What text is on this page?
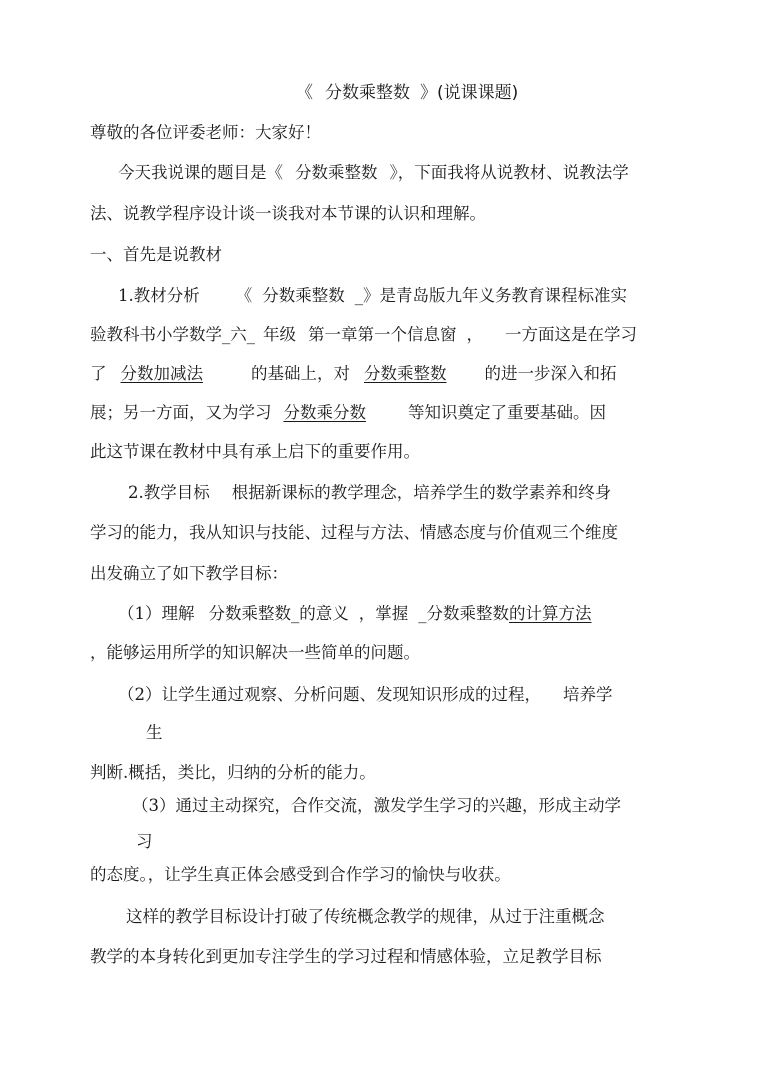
《 分数乘整数 》(说课课题)
尊敬的各位评委老师：大家好！
今天我说课的题目是《 分数乘整数 》，下面我将从说教材、说教法学
法、说教学程序设计谈一谈我对本节课的认识和理解。
一、首先是说教材
1.教材分析 《 分数乘整数 _》是青岛版九年义务教育课程标准实
验教科书小学数学_六_ 年级 第一章第一个信息窗 ， 一方面这是在学习
了 分数加减法	的基础上，对 分数乘整数 的进一步深入和拓
展；另一方面，又为学习 分数乘分数	等知识奠定了重要基础。因
此这节课在教材中具有承上启下的重要作用。
2.教学目标 根据新课标的教学理念，培养学生的数学素养和终身
学习的能力，我从知识与技能、过程与方法、情感态度与价值观三个维度
出发确立了如下教学目标：
（1）理解 分数乘整数_的意义 ，掌握 _分数乘整数的计算方法
，能够运用所学的知识解决一些简单的问题。
（2）让学生通过观察、分析问题、发现知识形成的过程， 培养学
生
判断.概括，类比，归纳的分析的能力。
（3）通过主动探究，合作交流，激发学生学习的兴趣，形成主动学
习
的态度。，让学生真正体会感受到合作学习的愉快与收获。
这样的教学目标设计打破了传统概念教学的规律，从过于注重概念
教学的本身转化到更加专注学生的学习过程和情感体验，立足教学目标
